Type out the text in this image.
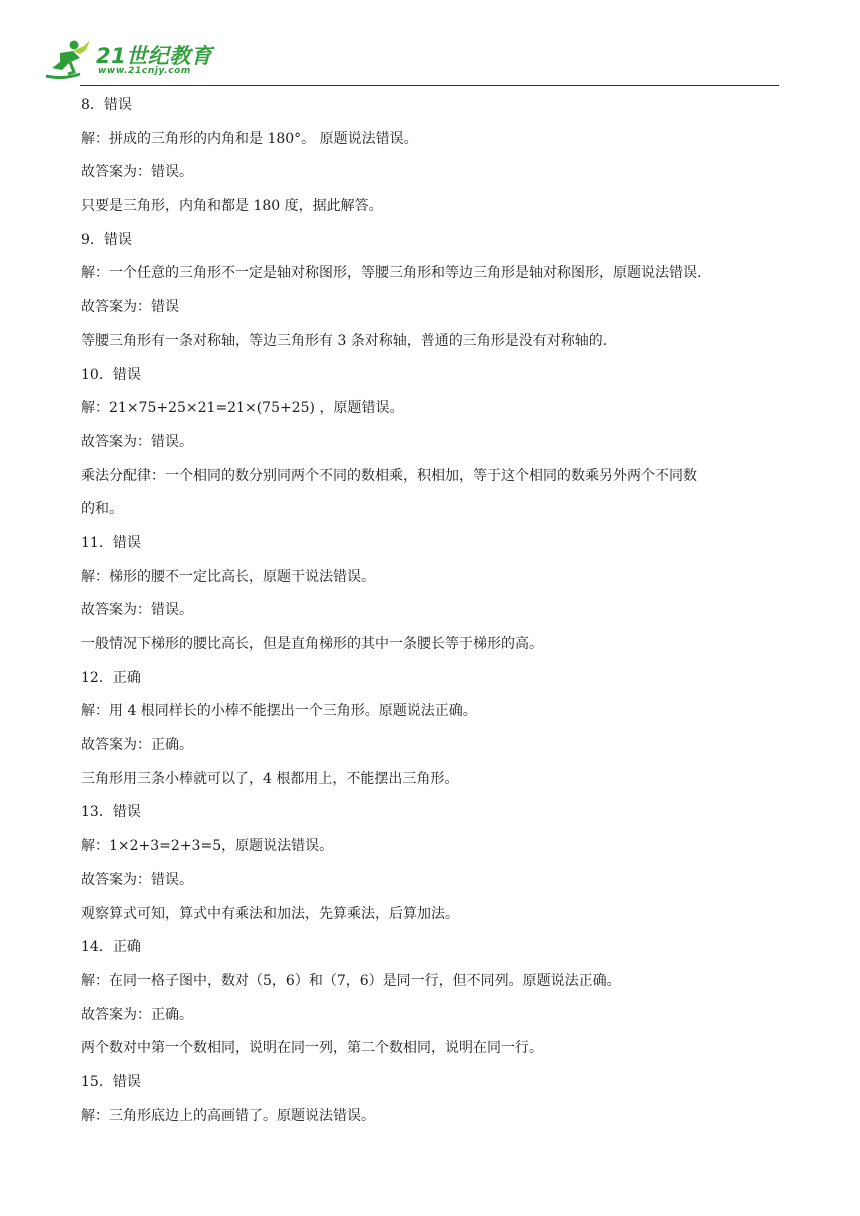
21世纪教育
www.21cnjy.com
8．错误
解：拼成的三角形的内角和是 180°。 原题说法错误。
故答案为：错误。
只要是三角形，内角和都是 180 度，据此解答。
9．错误
解：一个任意的三角形不一定是轴对称图形，等腰三角形和等边三角形是轴对称图形，原题说法错误.
故答案为：错误
等腰三角形有一条对称轴，等边三角形有 3 条对称轴，普通的三角形是没有对称轴的.
10．错误
解：21×75+25×21=21×(75+25) ，原题错误。
故答案为：错误。
乘法分配律：一个相同的数分别同两个不同的数相乘，积相加，等于这个相同的数乘另外两个不同数
的和。
11．错误
解：梯形的腰不一定比高长，原题干说法错误。
故答案为：错误。
一般情况下梯形的腰比高长，但是直角梯形的其中一条腰长等于梯形的高。
12．正确
解：用 4 根同样长的小棒不能摆出一个三角形。原题说法正确。
故答案为：正确。
三角形用三条小棒就可以了，4 根都用上，不能摆出三角形。
13．错误
解：1×2+3=2+3=5，原题说法错误。
故答案为：错误。
观察算式可知，算式中有乘法和加法，先算乘法，后算加法。
14．正确
解：在同一格子图中，数对（5，6）和（7，6）是同一行，但不同列。原题说法正确。
故答案为：正确。
两个数对中第一个数相同，说明在同一列，第二个数相同，说明在同一行。
15．错误
解：三角形底边上的高画错了。原题说法错误。
